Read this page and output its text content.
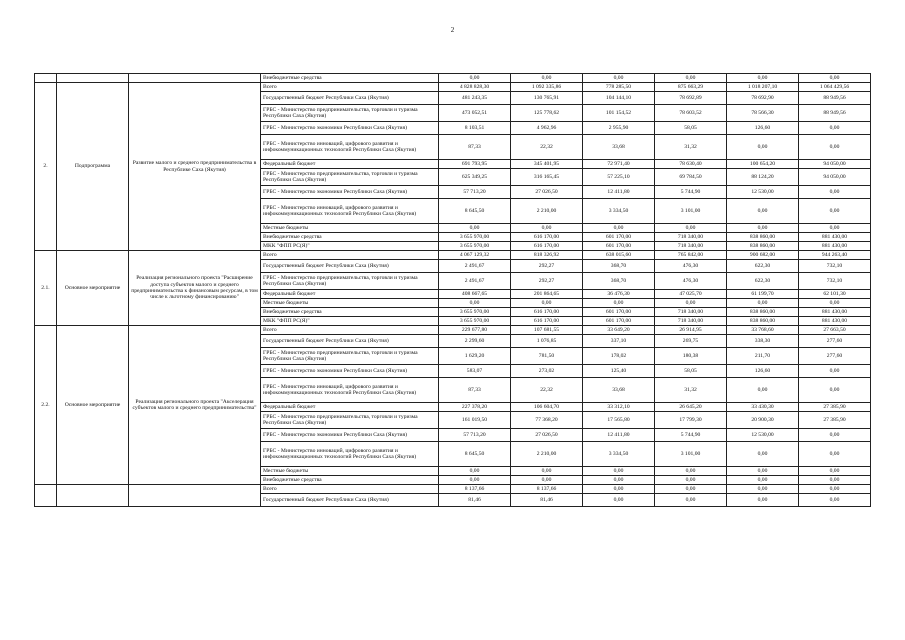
2
			Внебюджетные средства	0,00	0,00	0,00	0,00	0,00	0,00
2.	Подпрограмма	Развитие малого и среднего предпринимательства в Республике Саха (Якутия)	Всего	4 828 828,30	1 092 335,86	778 285,50	875 663,29	1 018 207,10	1 064 429,56
			Государственный бюджет Республики Саха (Якутия)	481 243,35	130 765,91	104 144,10	78 692,89	78 692,90	88 949,56
			ГРБС - Министерство предпринимательства, торговли и туризма Республики Саха (Якутия)	473 052,51	125 778,62	101 154,52	78 603,52	78 566,30	88 949,56
			ГРБС - Министерство экономики Республики Саха (Якутия)	8 103,51	4 962,96	2 955,90	58,05	126,60	0,00
			ГРБС - Министерство инноваций, цифрового развития и инфокоммуникационных технологий Республики Саха (Якутия)	87,33	22,32	33,68	31,32	0,00	0,00
			Федеральный бюджет	691 793,95	345 401,95	72 971,40	78 630,40	100 654,20	94 050,00
			ГРБС - Министерство предпринимательства, торговли и туризма Республики Саха (Якутия)	625 349,25	316 165,45	57 225,10	69 784,50	88 124,20	94 050,00
			ГРБС - Министерство экономики Республики Саха (Якутия)	57 713,20	27 026,50	12 411,80	5 744,90	12 530,00	0,00
			ГРБС - Министерство инноваций, цифрового развития и инфокоммуникационных технологий Республики Саха (Якутия)	8 645,50	2 210,00	3 334,50	3 101,00	0,00	0,00
			Местные бюджеты	0,00	0,00	0,00	0,00	0,00	0,00
			Внебюджетные средства	3 655 970,00	616 170,00	601 170,00	718 340,00	838 860,00	881 430,00
			МКК "ФПП РС(Я)"	3 655 970,00	616 170,00	601 170,00	718 340,00	838 860,00	881 430,00
2.1.	Основное мероприятие	Реализация регионального проекта "Расширение доступа субъектов малого и среднего предпринимательства к финансовым ресурсам, в том числе к льготному финансированию"	Всего	4 067 129,32	818 326,92	638 015,60	765 842,00	900 682,00	944 263,40
			Государственный бюджет Республики Саха (Якутия)	2 491,67	292,27	368,70	476,30	622,30	732,10
			ГРБС - Министерство предпринимательства, торговли и туризма Республики Саха (Якутия)	2 491,67	292,27	368,70	476,30	622,30	732,10
			Федеральный бюджет	408 667,65	201 864,65	36 476,30	47 025,70	61 199,70	62 101,30
			Местные бюджеты	0,00	0,00	0,00	0,00	0,00	0,00
			Внебюджетные средства	3 655 970,00	616 170,00	601 170,00	718 340,00	838 860,00	881 430,00
			МКК "ФПП РС(Я)"	3 655 970,00	616 170,00	601 170,00	718 340,00	838 860,00	881 430,00
2.2.	Основное мероприятие	Реализация регионального проекта "Акселерация субъектов малого и среднего предпринимательства"	Всего	229 677,80	107 681,55	33 649,20	26 914,95	33 768,60	27 663,50
			Государственный бюджет Республики Саха (Якутия)	2 299,60	1 076,85	337,10	269,75	338,30	277,60
			ГРБС - Министерство предпринимательства, торговли и туризма Республики Саха (Якутия)	1 629,20	781,50	178,02	180,38	211,70	277,60
			ГРБС - Министерство экономики Республики Саха (Якутия)	583,07	273,02	125,40	58,05	126,60	0,00
			ГРБС - Министерство инноваций, цифрового развития и инфокоммуникационных технологий Республики Саха (Якутия)	87,33	22,32	33,68	31,32	0,00	0,00
			Федеральный бюджет	227 378,20	106 604,70	33 312,10	26 645,20	33 430,30	27 385,90
			ГРБС - Министерство предпринимательства, торговли и туризма Республики Саха (Якутия)	161 019,50	77 368,20	17 565,80	17 799,30	20 900,30	27 385,90
			ГРБС - Министерство экономики Республики Саха (Якутия)	57 713,20	27 026,50	12 411,80	5 744,90	12 530,00	0,00
			ГРБС - Министерство инноваций, цифрового развития и инфокоммуникационных технологий Республики Саха (Якутия)	8 645,50	2 210,00	3 334,50	3 101,00	0,00	0,00
			Местные бюджеты	0,00	0,00	0,00	0,00	0,00	0,00
			Внебюджетные средства	0,00	0,00	0,00	0,00	0,00	0,00
			Всего	8 137,66	8 137,66	0,00	0,00	0,00	0,00
			Государственный бюджет Республики Саха (Якутия)	81,46	81,46	0,00	0,00	0,00	0,00
